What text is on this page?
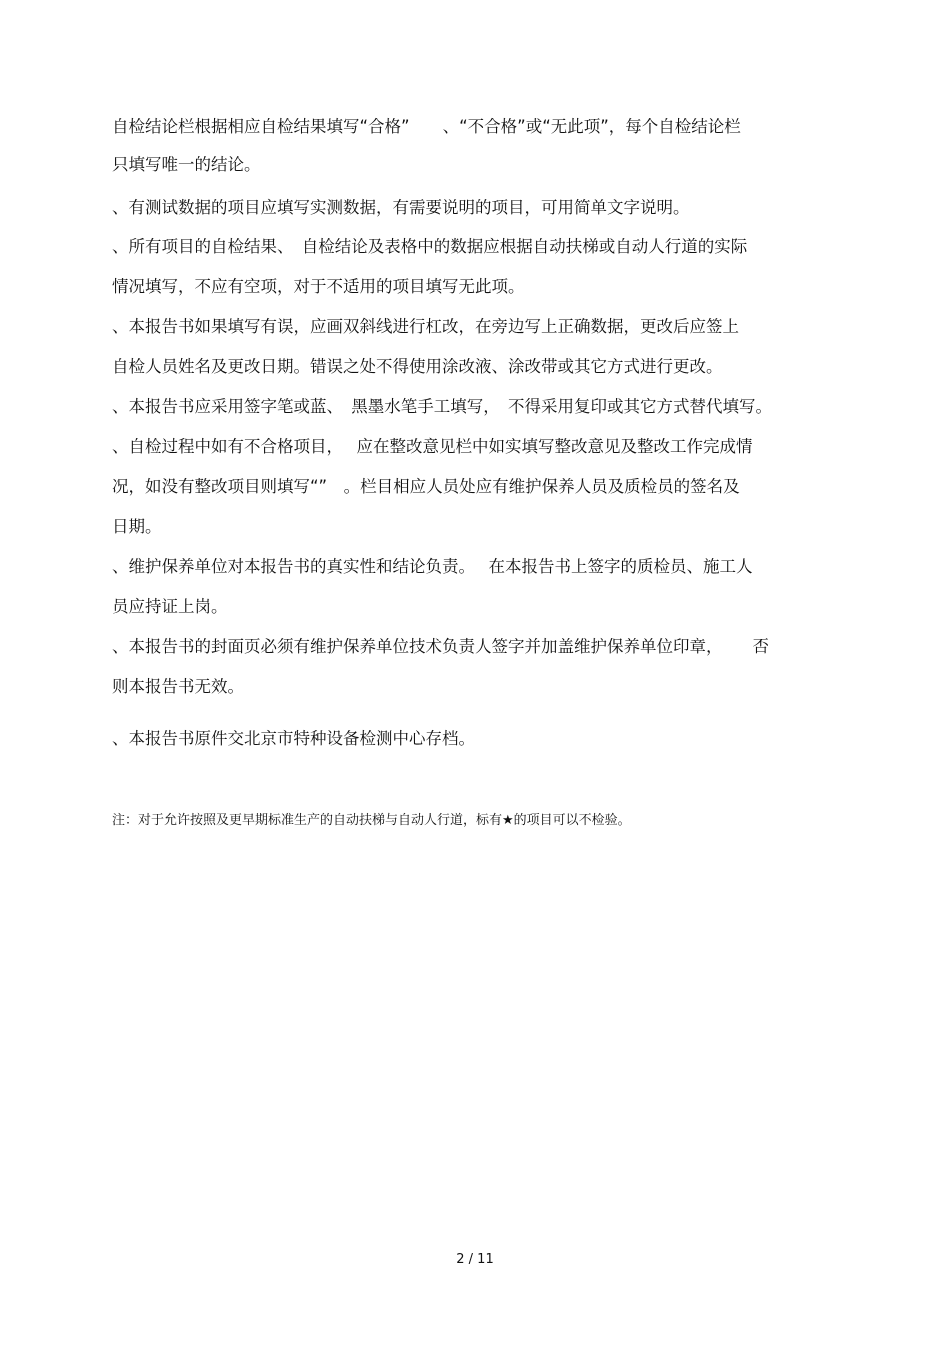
自检结论栏根据相应自检结果填写“合格”　　、“不合格”或“无此项”，每个自检结论栏
只填写唯一的结论。
、有测试数据的项目应填写实测数据，有需要说明的项目，可用简单文字说明。
、所有项目的自检结果、　自检结论及表格中的数据应根据自动扶梯或自动人行道的实际
情况填写，不应有空项，对于不适用的项目填写无此项。
、本报告书如果填写有误，应画双斜线进行杠改，在旁边写上正确数据，更改后应签上
自检人员姓名及更改日期。错误之处不得使用涂改液、涂改带或其它方式进行更改。
、本报告书应采用签字笔或蓝、　黑墨水笔手工填写，　不得采用复印或其它方式替代填写。
、自检过程中如有不合格项目，　 应在整改意见栏中如实填写整改意见及整改工作完成情
况，如没有整改项目则填写“”　。栏目相应人员处应有维护保养人员及质检员的签名及
日期。
、维护保养单位对本报告书的真实性和结论负责。　 在本报告书上签字的质检员、施工人
员应持证上岗。
、本报告书的封面页必须有维护保养单位技术负责人签字并加盖维护保养单位印章，　　 否
则本报告书无效。
、本报告书原件交北京市特种设备检测中心存档。
注：对于允许按照及更早期标准生产的自动扶梯与自动人行道，标有★的项目可以不检验。
2 / 11
